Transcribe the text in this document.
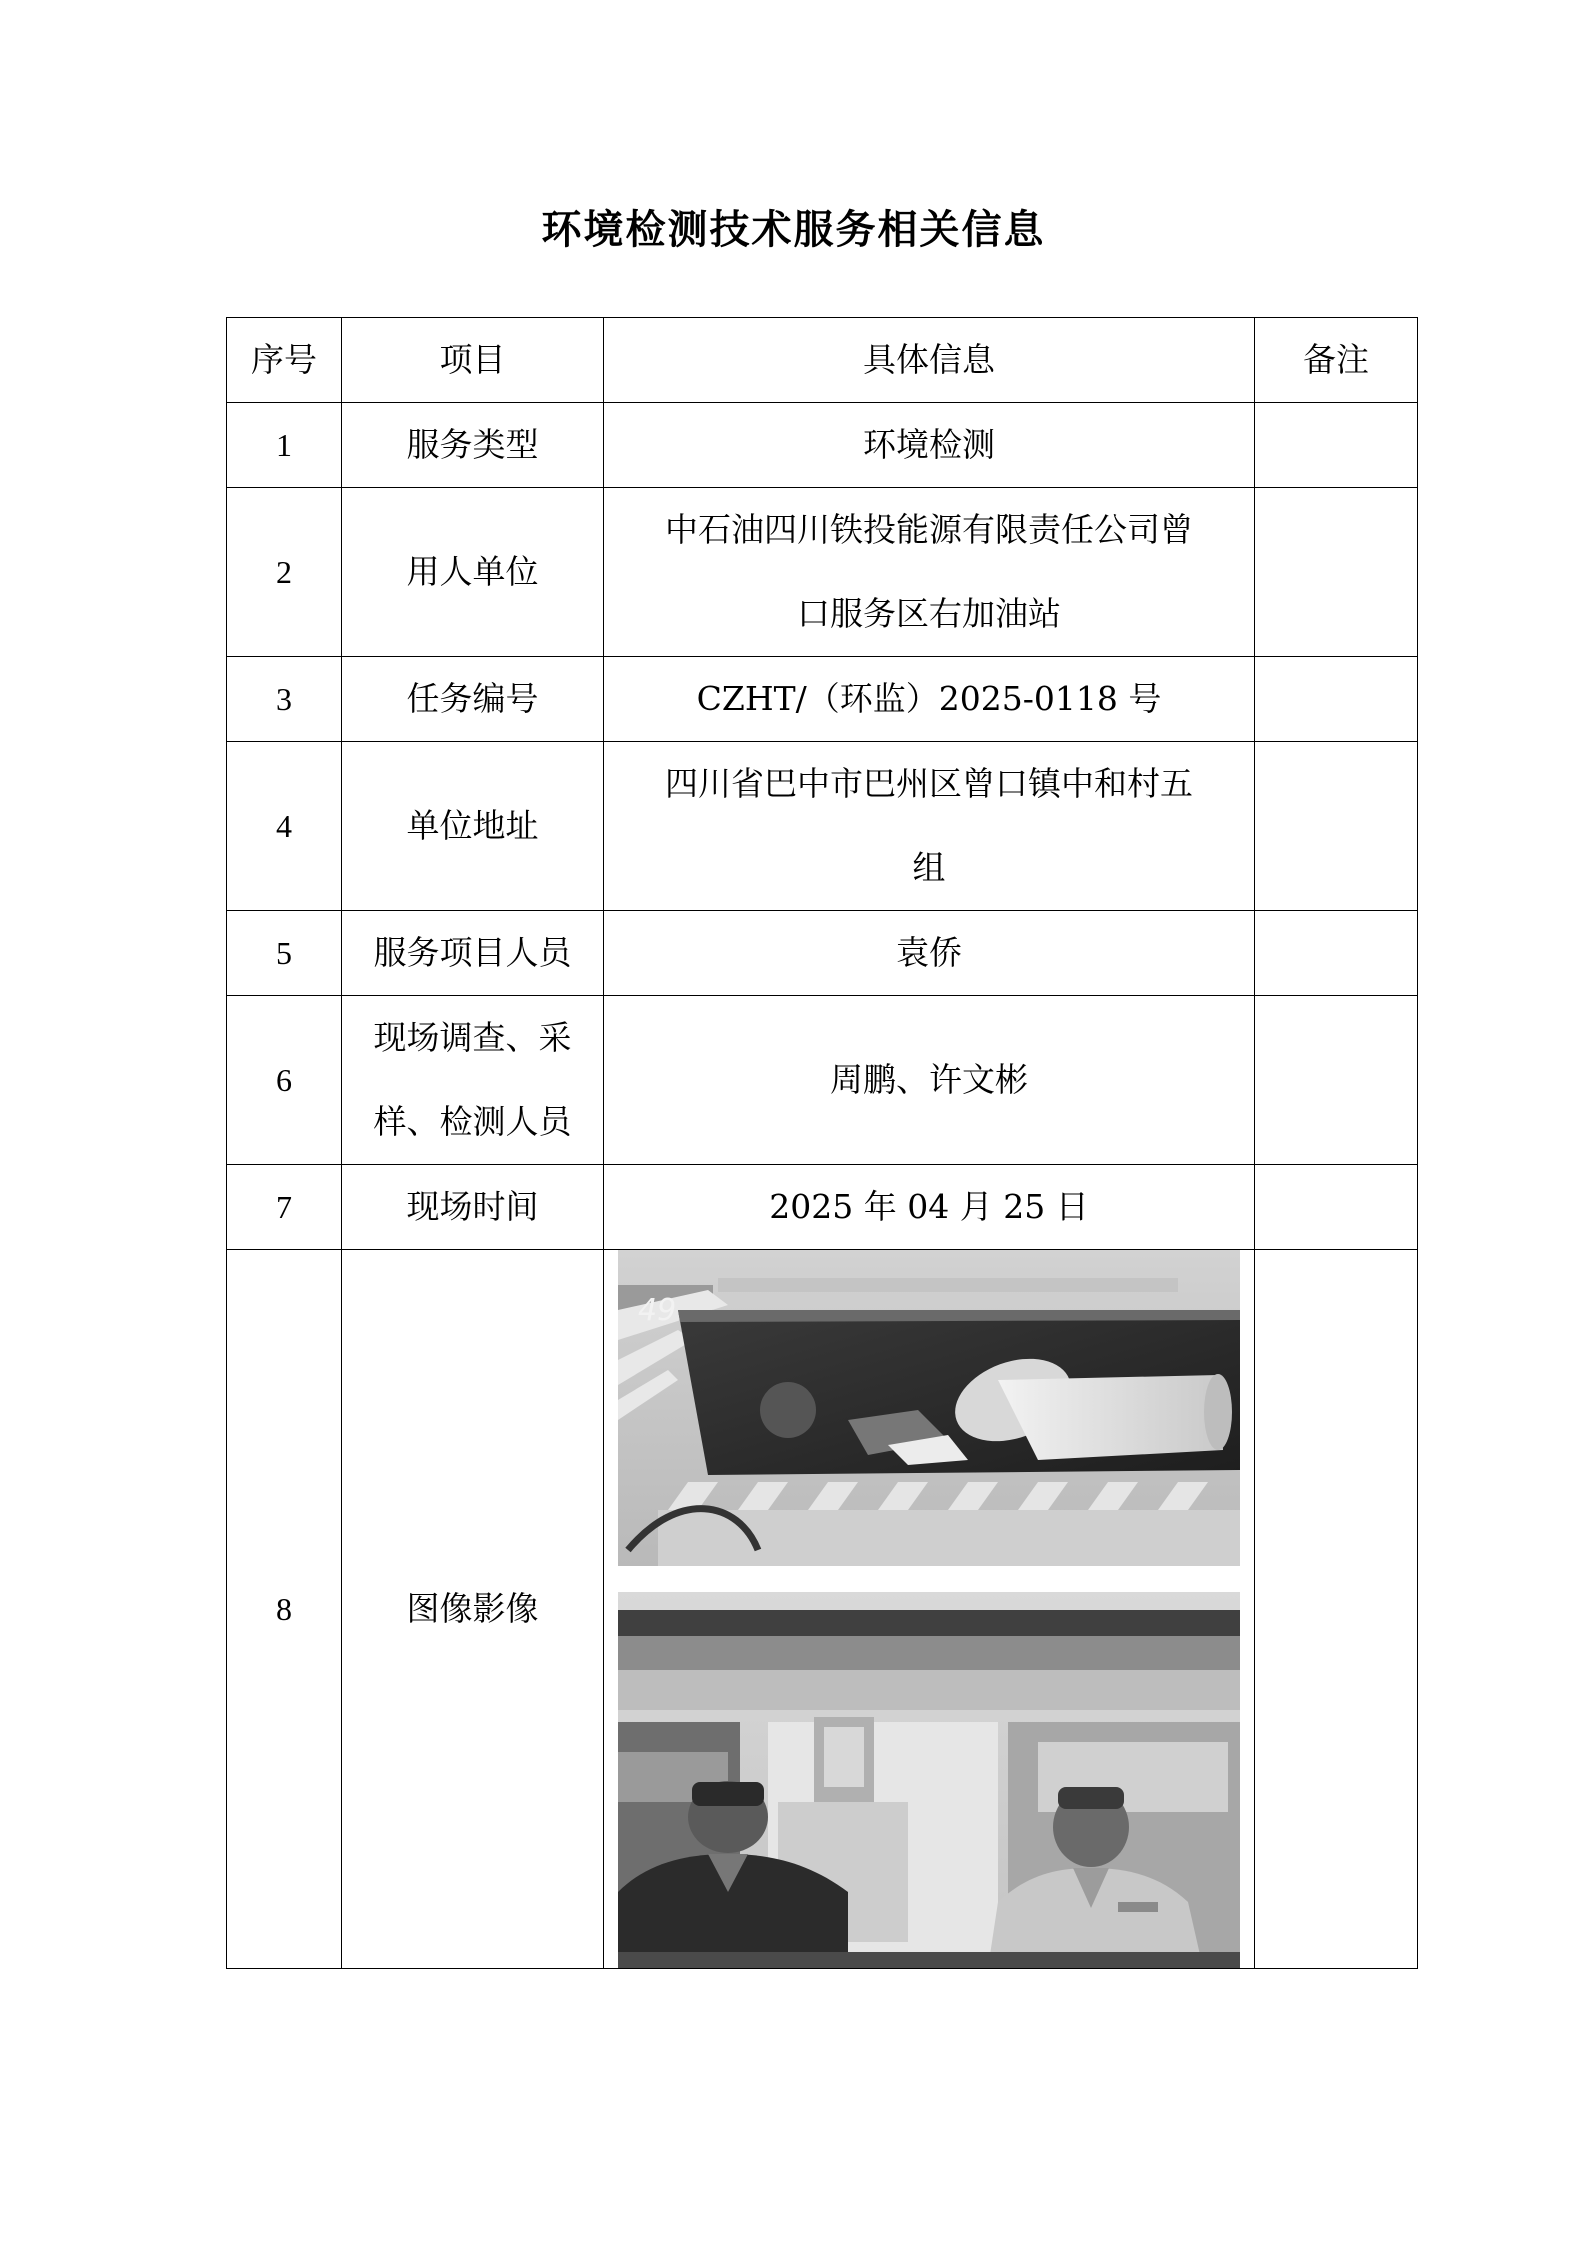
环境检测技术服务相关信息
序号	项目	具体信息	备注
1	服务类型	环境检测	
2	用人单位	中石油四川铁投能源有限责任公司曾
口服务区右加油站	

3	任务编号	CZHT/（环监）2025-0118 号	
4	单位地址	四川省巴中市巴州区曾口镇中和村五
组	

5	服务项目人员	袁侨	
6	现场调查、采
样、检测人员	周鹏、许文彬	
7	现场时间	2025 年 04 月 25 日	
8	图像影像	49	
